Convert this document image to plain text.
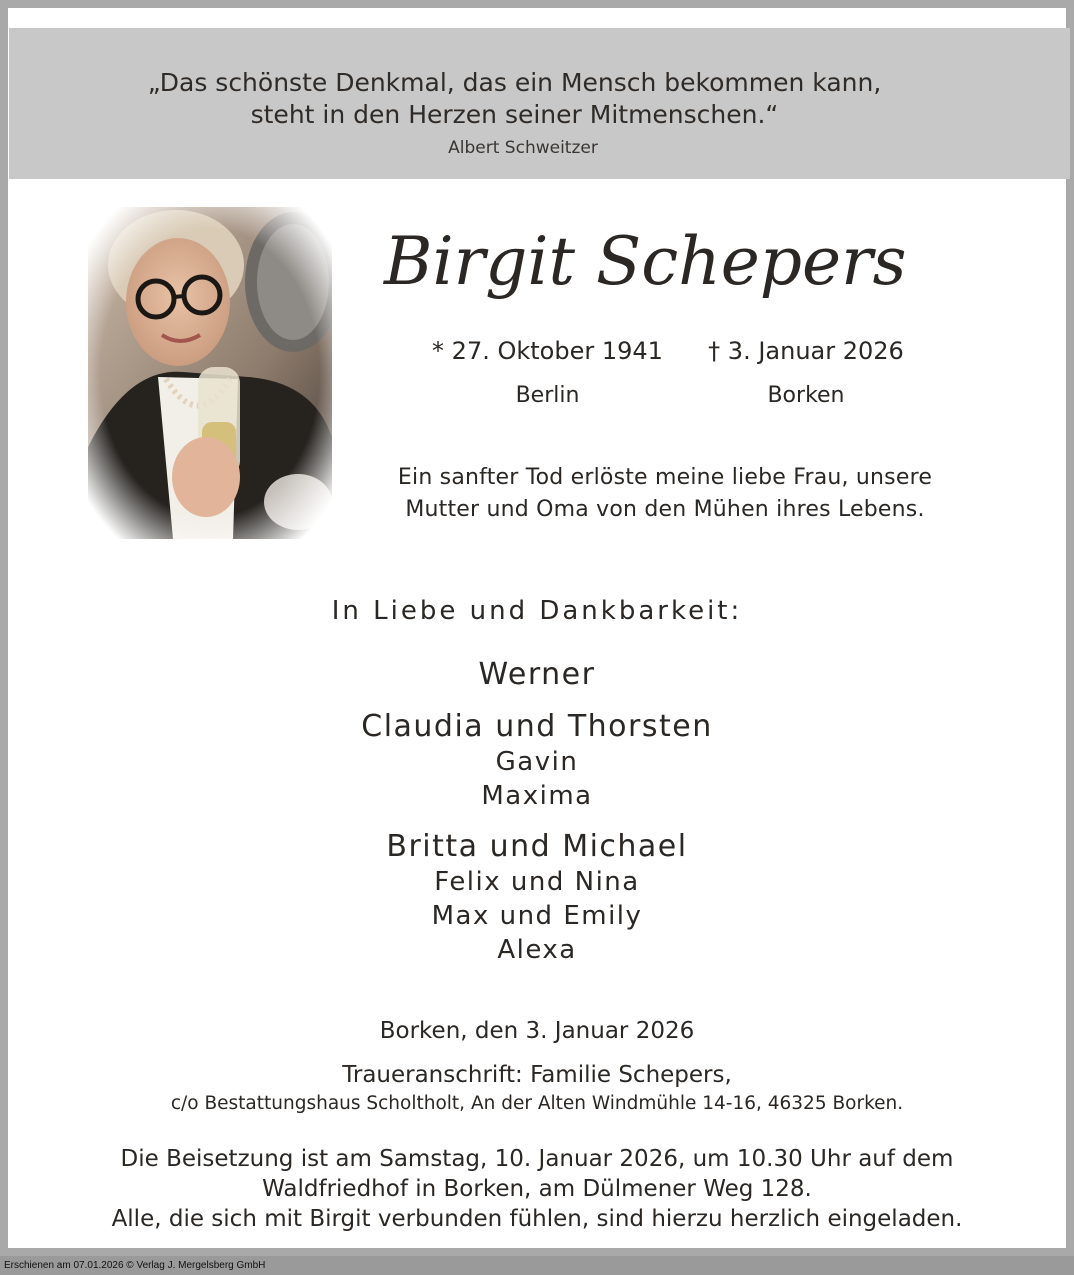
„Das schönste Denkmal, das ein Mensch bekommen kann,
steht in den Herzen seiner Mitmenschen.“
Albert Schweitzer
Birgit Schepers
* 27. Oktober 1941	† 3. Januar 2026
Berlin	Borken
Ein sanfter Tod erlöste meine liebe Frau, unsere
Mutter und Oma von den Mühen ihres Lebens.
In Liebe und Dankbarkeit:
Werner
Claudia und Thorsten
Gavin
Maxima
Britta und Michael
Felix und Nina
Max und Emily
Alexa
Borken, den 3. Januar 2026
Traueranschrift: Familie Schepers,
c/o Bestattungshaus Scholtholt, An der Alten Windmühle 14-16, 46325 Borken.
Die Beisetzung ist am Samstag, 10. Januar 2026, um 10.30 Uhr auf dem
Waldfriedhof in Borken, am Dülmener Weg 128.
Alle, die sich mit Birgit verbunden fühlen, sind hierzu herzlich eingeladen.
Erschienen am 07.01.2026 © Verlag J. Mergelsberg GmbH
